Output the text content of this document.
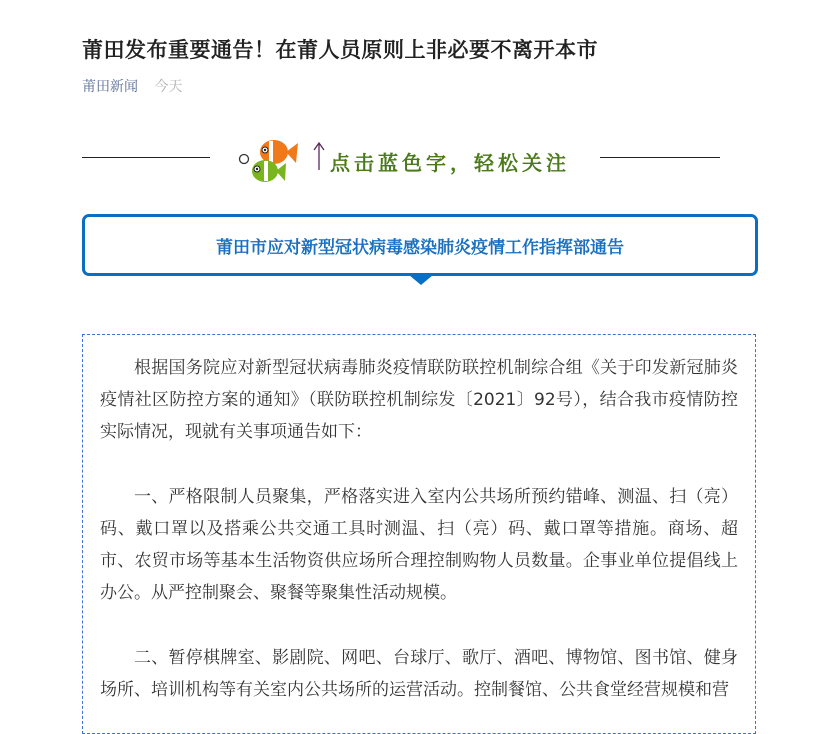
莆田发布重要通告！在莆人员原则上非必要不离开本市
莆田新闻 今天
点击蓝色字，轻松关注
莆田市应对新型冠状病毒感染肺炎疫情工作指挥部通告

根据国务院应对新型冠状病毒肺炎疫情联防联控机制综合组《关于印发新冠肺炎疫情社区防控方案的通知》（联防联控机制综发〔2021〕92号），结合我市疫情防控实际情况，现就有关事项通告如下：

一、严格限制人员聚集，严格落实进入室内公共场所预约错峰、测温、扫（亮）码、戴口罩以及搭乘公共交通工具时测温、扫（亮）码、戴口罩等措施。商场、超市、农贸市场等基本生活物资供应场所合理控制购物人员数量。企事业单位提倡线上办公。从严控制聚会、聚餐等聚集性活动规模。

二、暂停棋牌室、影剧院、网吧、台球厅、歌厅、酒吧、博物馆、图书馆、健身场所、培训机构等有关室内公共场所的运营活动。控制餐馆、公共食堂经营规模和营
